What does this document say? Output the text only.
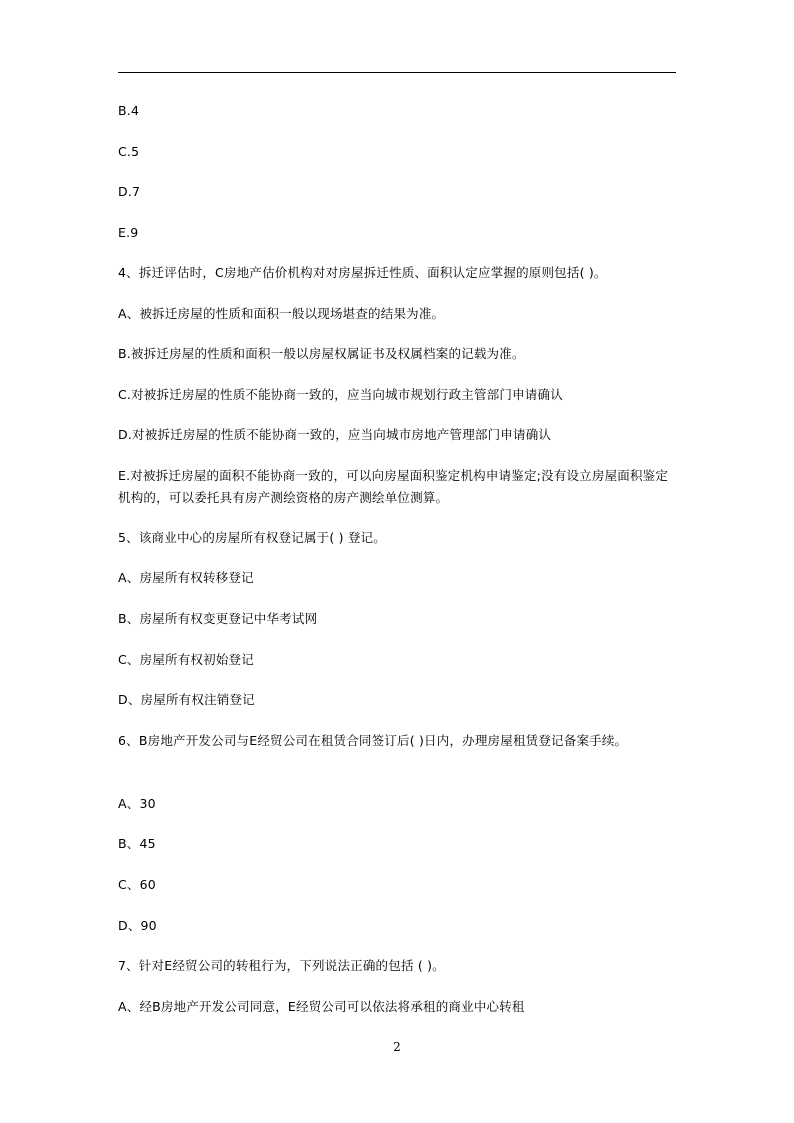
B.4
C.5
D.7
E.9
4、拆迁评估时，C房地产估价机构对对房屋拆迁性质、面积认定应掌握的原则包括( )。
A、被拆迁房屋的性质和面积一般以现场堪查的结果为准。
B.被拆迁房屋的性质和面积一般以房屋权属证书及权属档案的记载为准。
C.对被拆迁房屋的性质不能协商一致的，应当向城市规划行政主管部门申请确认
D.对被拆迁房屋的性质不能协商一致的，应当向城市房地产管理部门申请确认
E.对被拆迁房屋的面积不能协商一致的，可以向房屋面积鉴定机构申请鉴定;没有设立房屋面积鉴定机构的，可以委托具有房产测绘资格的房产测绘单位测算。
5、该商业中心的房屋所有权登记属于( ) 登记。
A、房屋所有权转移登记
B、房屋所有权变更登记中华考试网
C、房屋所有权初始登记
D、房屋所有权注销登记
6、B房地产开发公司与E经贸公司在租赁合同签订后( )日内，办理房屋租赁登记备案手续。
A、30
B、45
C、60
D、90
7、针对E经贸公司的转租行为，下列说法正确的包括 ( )。
A、经B房地产开发公司同意，E经贸公司可以依法将承租的商业中心转租
2
